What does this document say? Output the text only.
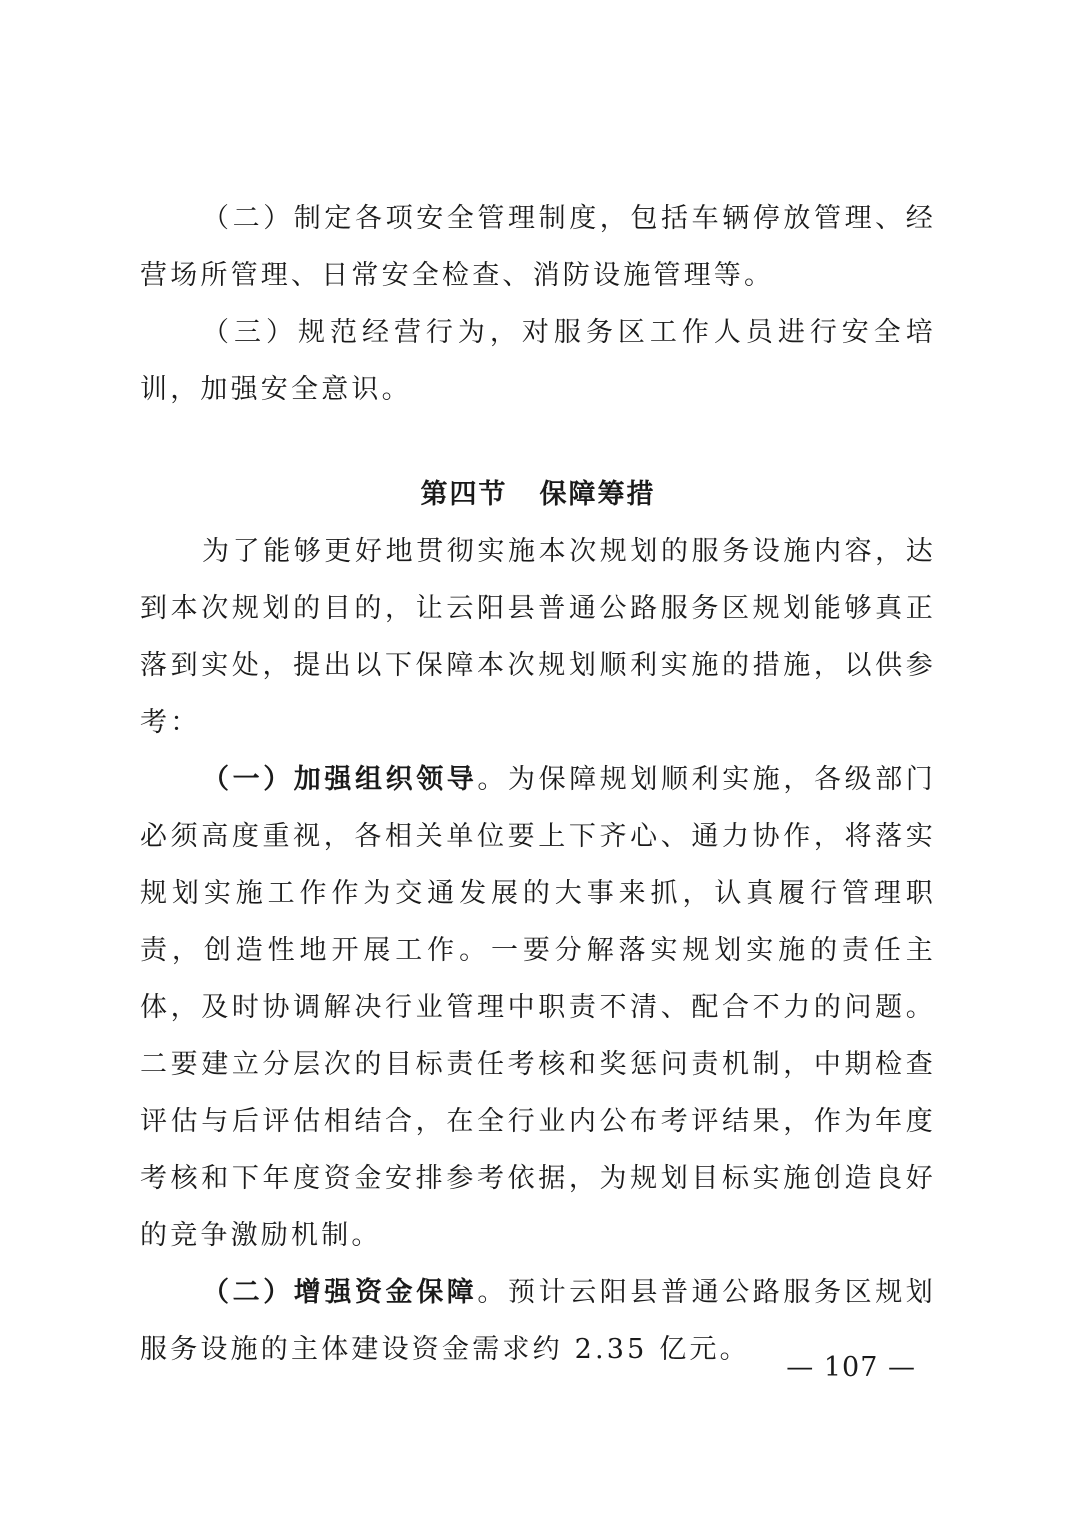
（二）制定各项安全管理制度，包括车辆停放管理、经营场所管理、日常安全检查、消防设施管理等。

（三）规范经营行为，对服务区工作人员进行安全培训，加强安全意识。

第四节 保障筹措

为了能够更好地贯彻实施本次规划的服务设施内容，达到本次规划的目的，让云阳县普通公路服务区规划能够真正落到实处，提出以下保障本次规划顺利实施的措施，以供参考：

（一）加强组织领导。为保障规划顺利实施，各级部门必须高度重视，各相关单位要上下齐心、通力协作，将落实规划实施工作作为交通发展的大事来抓，认真履行管理职责，创造性地开展工作。一要分解落实规划实施的责任主体，及时协调解决行业管理中职责不清、配合不力的问题。二要建立分层次的目标责任考核和奖惩问责机制，中期检查评估与后评估相结合，在全行业内公布考评结果，作为年度考核和下年度资金安排参考依据，为规划目标实施创造良好的竞争激励机制。

（二）增强资金保障。预计云阳县普通公路服务区规划服务设施的主体建设资金需求约 2.35 亿元。

— 107 —
